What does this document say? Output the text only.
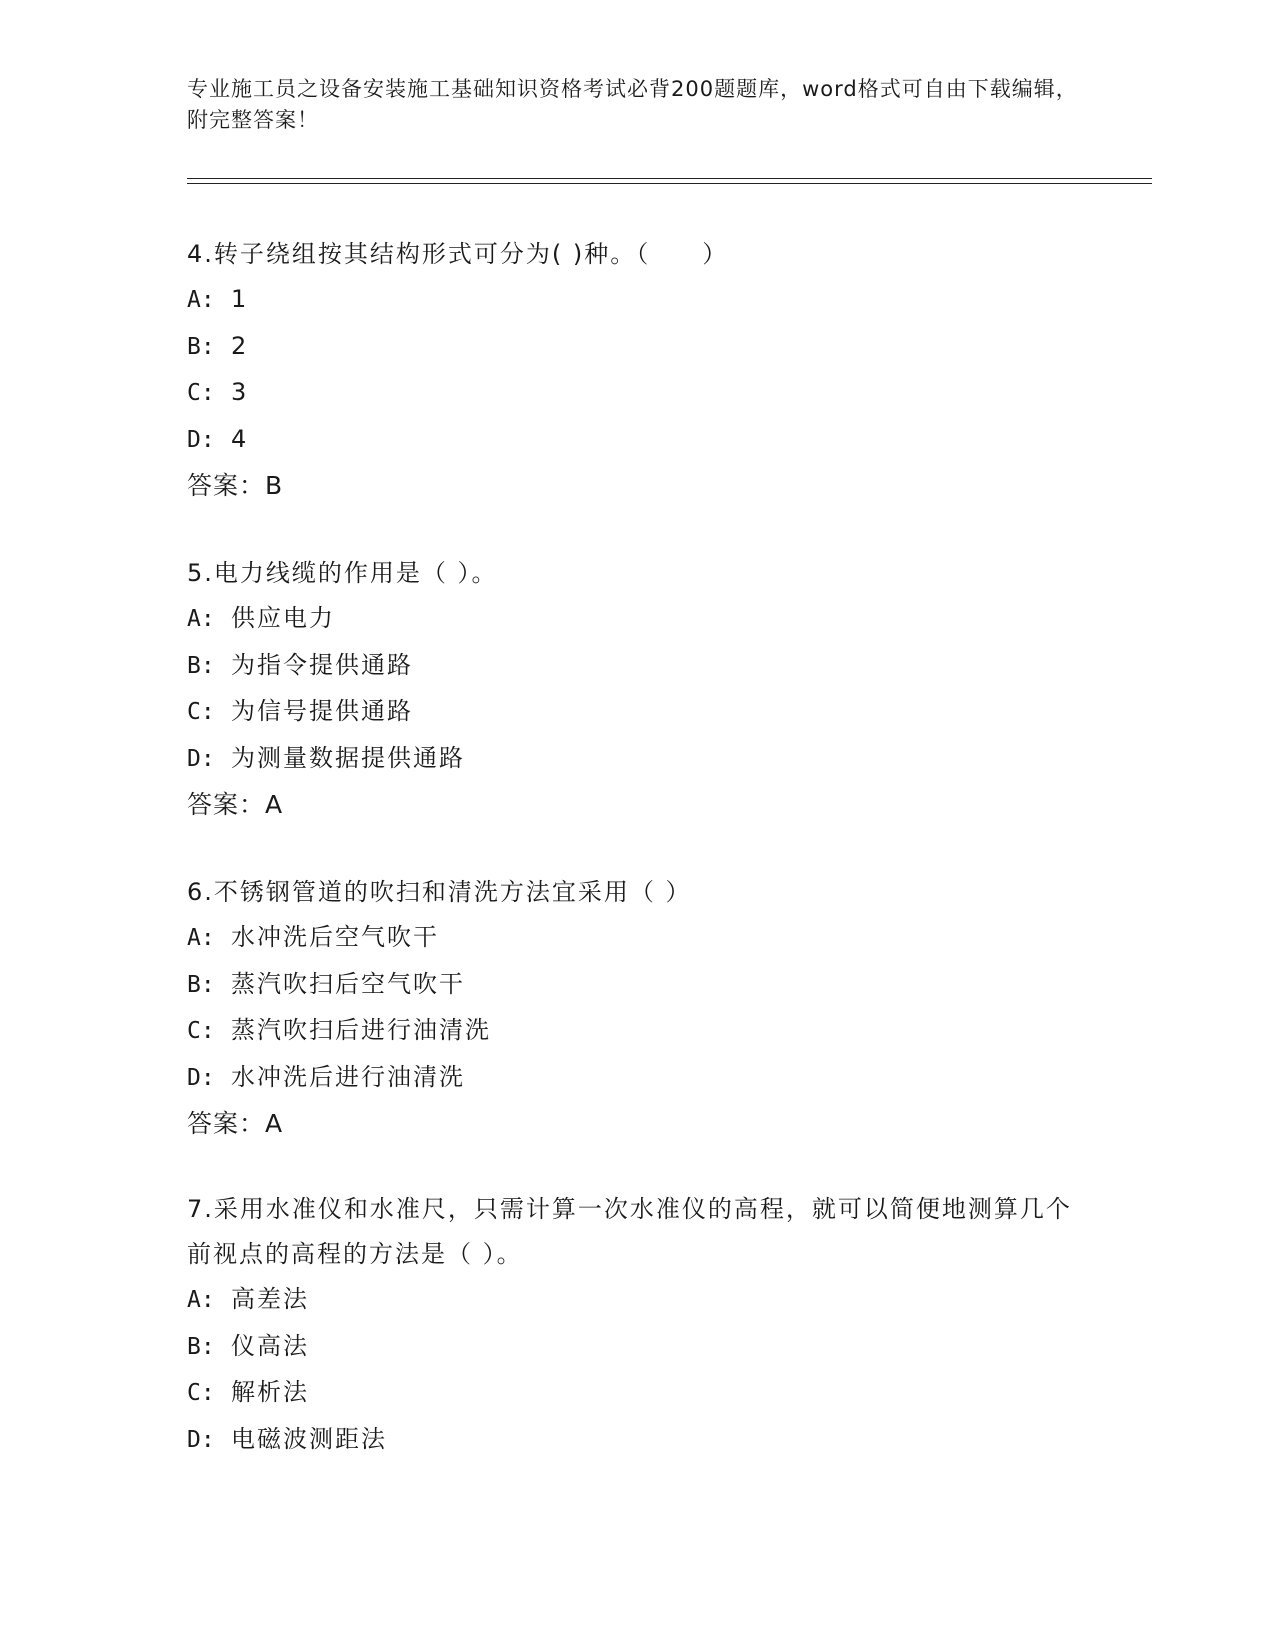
专业施工员之设备安装施工基础知识资格考试必背200题题库，word格式可自由下载编辑，附完整答案！

4.转子绕组按其结构形式可分为( )种。（　　）

A: 1

B: 2

C: 3

D: 4

答案：B

5.电力线缆的作用是（ ）。

A: 供应电力

B: 为指令提供通路

C: 为信号提供通路

D: 为测量数据提供通路

答案：A

6.不锈钢管道的吹扫和清洗方法宜采用（ ）

A: 水冲洗后空气吹干

B: 蒸汽吹扫后空气吹干

C: 蒸汽吹扫后进行油清洗

D: 水冲洗后进行油清洗

答案：A

7.采用水准仪和水准尺，只需计算一次水准仪的高程，就可以简便地测算几个前视点的高程的方法是（ ）。

A: 高差法

B: 仪高法

C: 解析法

D: 电磁波测距法
